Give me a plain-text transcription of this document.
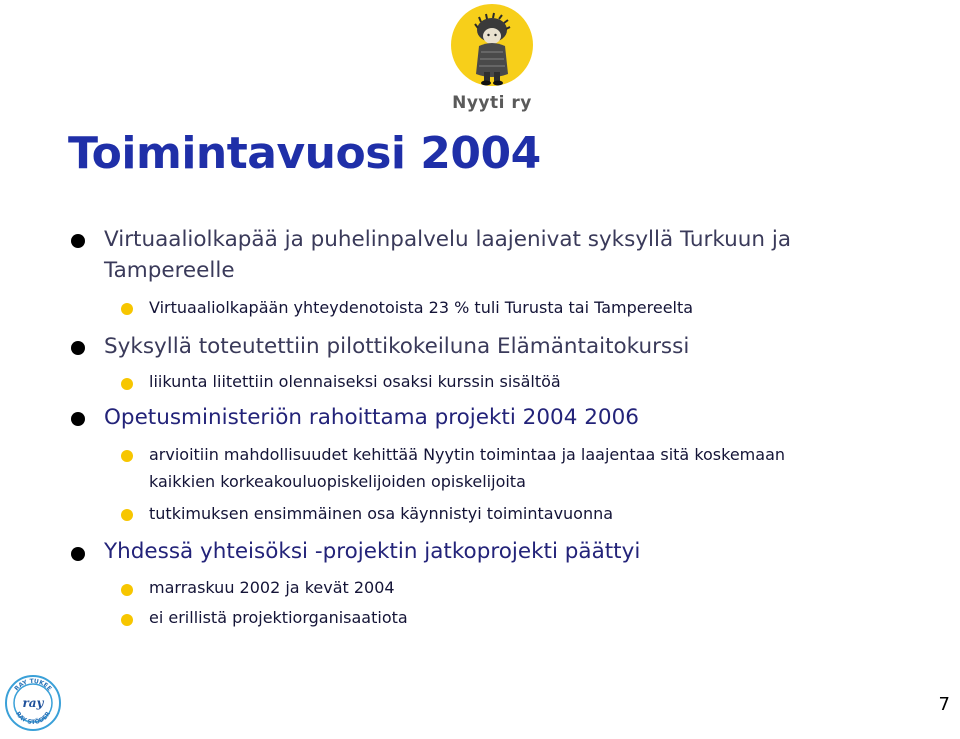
Nyyti ry
Toimintavuosi 2004
Virtuaaliolkapää ja puhelinpalvelu laajenivat syksyllä Turkuun ja
Tampereelle
Virtuaaliolkapään yhteydenotoista 23 % tuli Turusta tai Tampereelta
Syksyllä toteutettiin pilottikokeiluna Elämäntaitokurssi
liikunta liitettiin olennaiseksi osaksi kurssin sisältöä
Opetusministeriön rahoittama projekti 2004 2006
arvioitiin mahdollisuudet kehittää Nyytin toimintaa ja laajentaa sitä koskemaan
kaikkien korkeakouluopiskelijoiden opiskelijoita
tutkimuksen ensimmäinen osa käynnistyi toimintavuonna
Yhdessä yhteisöksi -projektin jatkoprojekti päättyi
marraskuu 2002 ja kevät 2004
ei erillistä projektiorganisaatiota
RAY TUKEE
RAY STÖDER
ray	7
